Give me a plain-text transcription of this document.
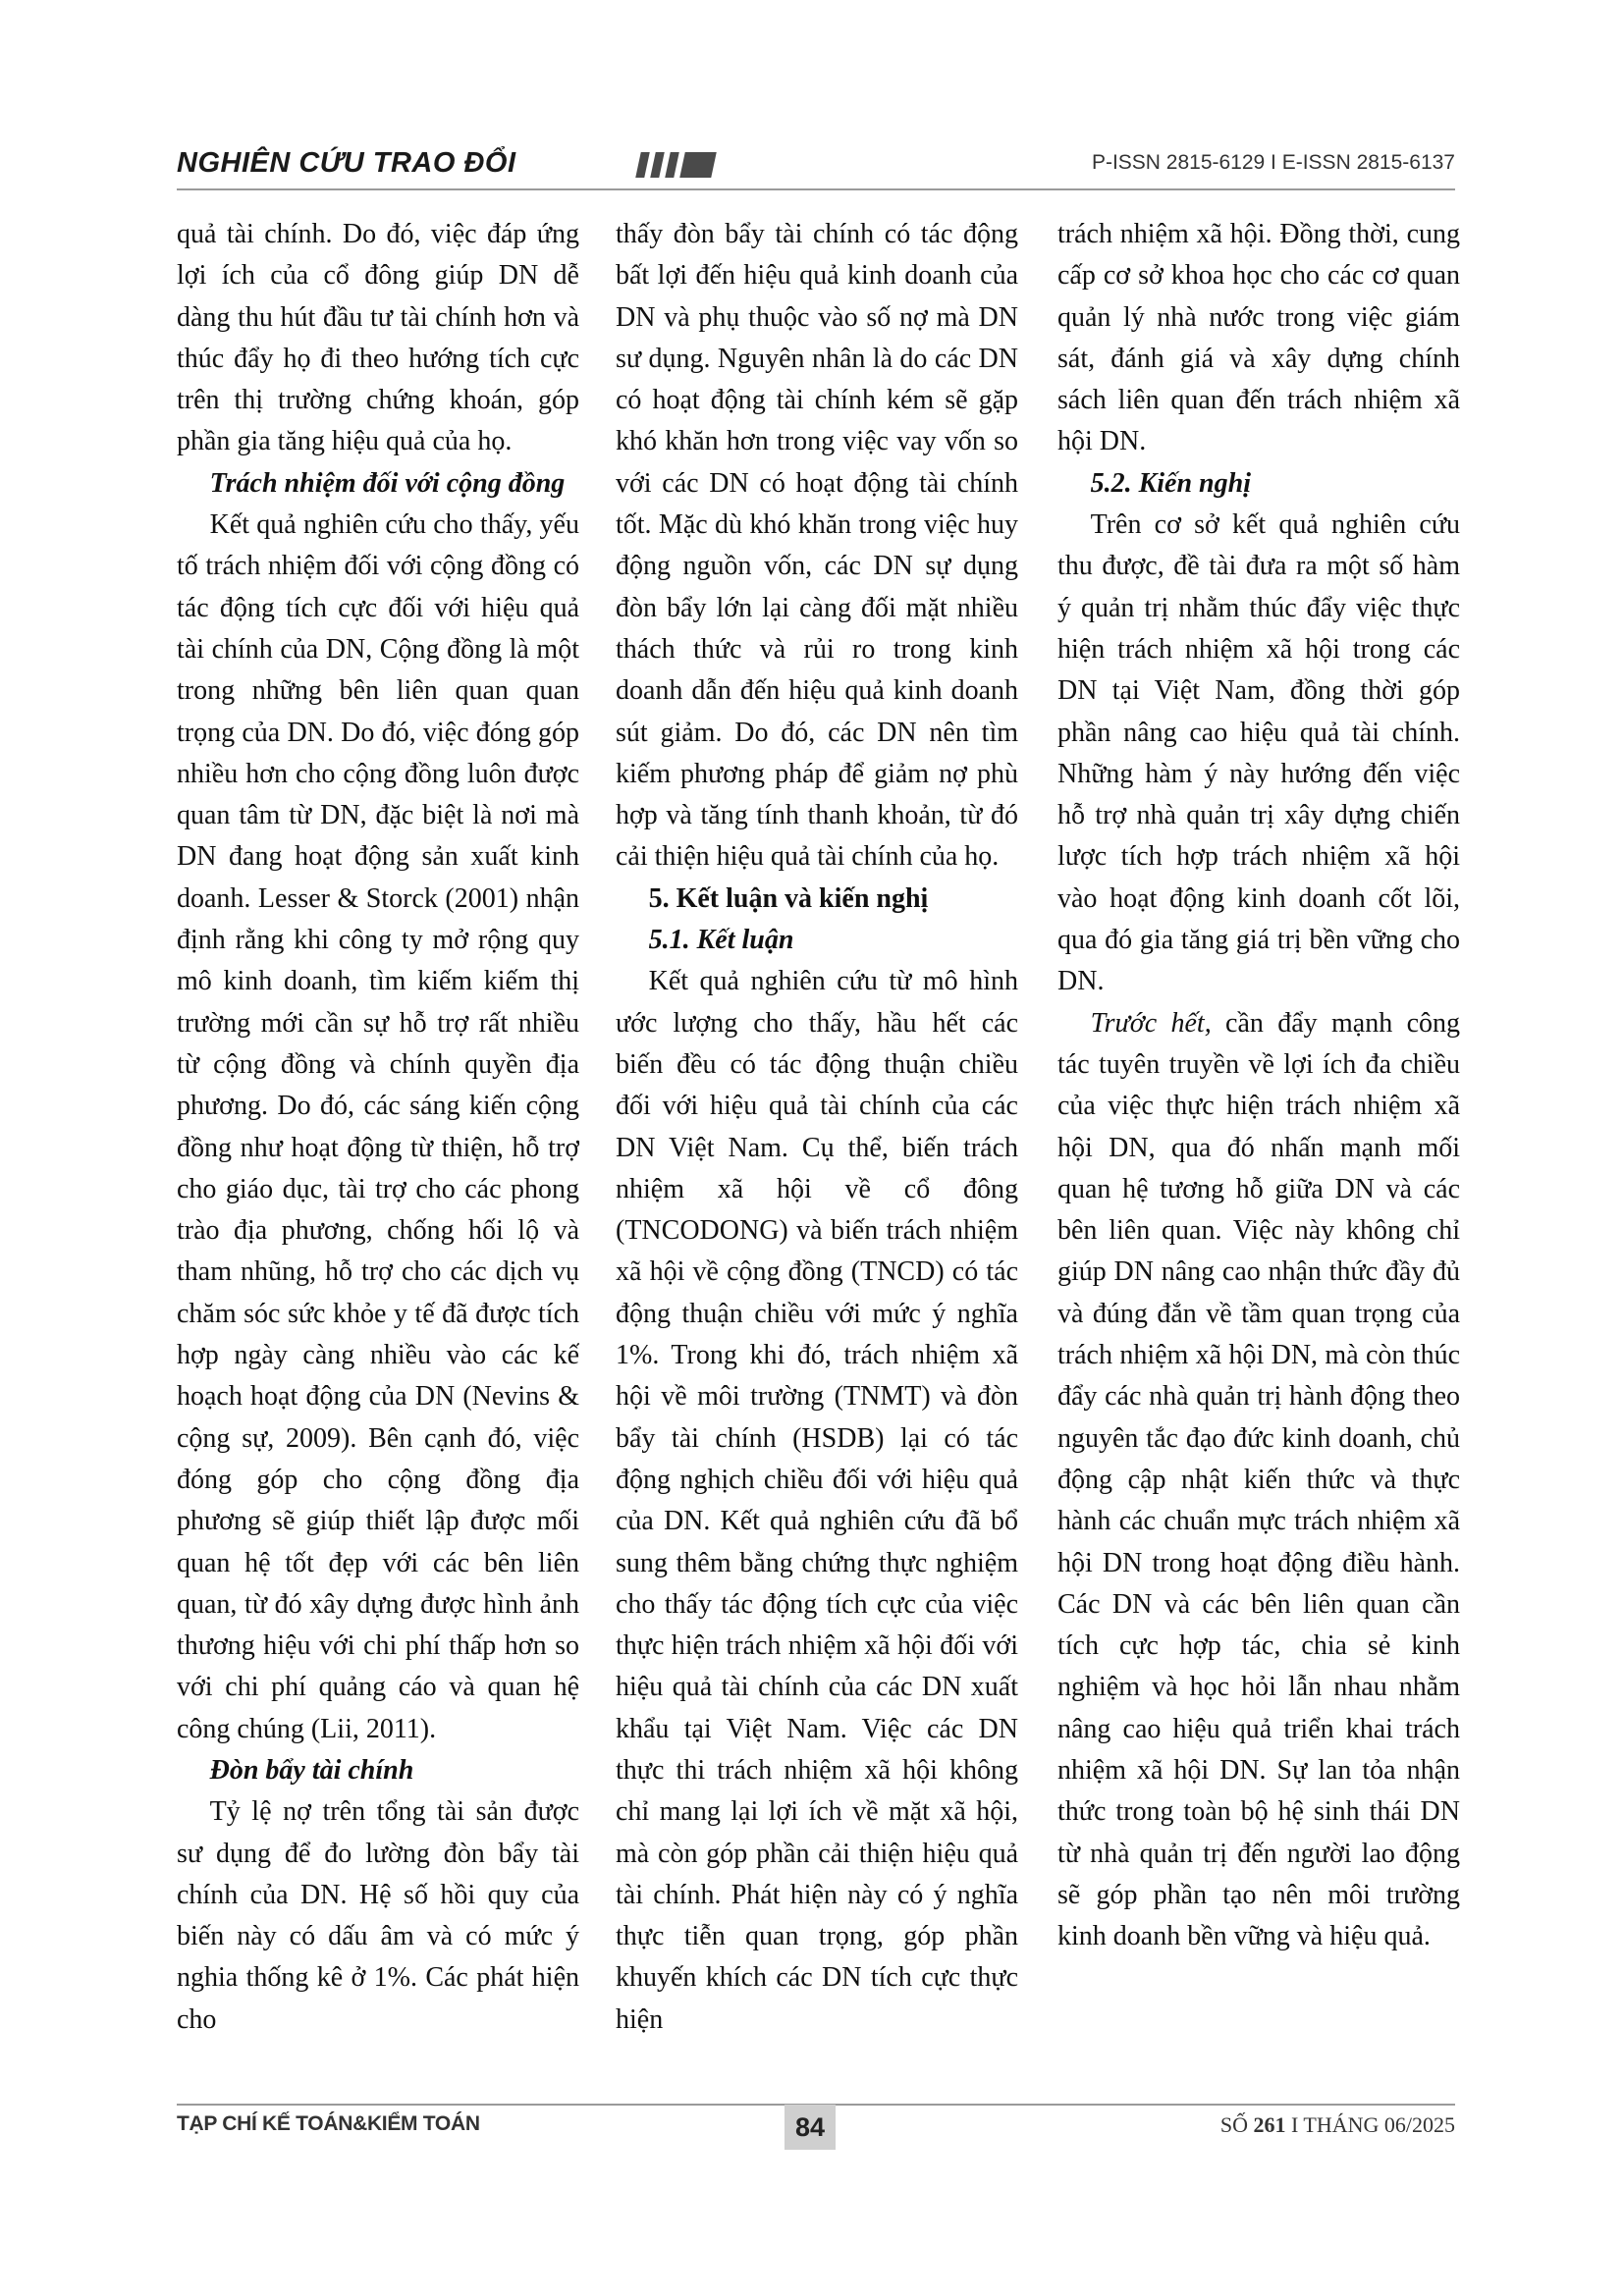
NGHIÊN CỨU TRAO ĐỔI	P-ISSN 2815-6129 I E-ISSN 2815-6137

quả tài chính. Do đó, việc đáp ứng lợi ích của cổ đông giúp DN dễ dàng thu hút đầu tư tài chính hơn và thúc đẩy họ đi theo hướng tích cực trên thị trường chứng khoán, góp phần gia tăng hiệu quả của họ.

Trách nhiệm đối với cộng đồng

Kết quả nghiên cứu cho thấy, yếu tố trách nhiệm đối với cộng đồng có tác động tích cực đối với hiệu quả tài chính của DN, Cộng đồng là một trong những bên liên quan quan trọng của DN. Do đó, việc đóng góp nhiều hơn cho cộng đồng luôn được quan tâm từ DN, đặc biệt là nơi mà DN đang hoạt động sản xuất kinh doanh. Lesser & Storck (2001) nhận định rằng khi công ty mở rộng quy mô kinh doanh, tìm kiếm kiếm thị trường mới cần sự hỗ trợ rất nhiều từ cộng đồng và chính quyền địa phương. Do đó, các sáng kiến cộng đồng như hoạt động từ thiện, hỗ trợ cho giáo dục, tài trợ cho các phong trào địa phương, chống hối lộ và tham nhũng, hỗ trợ cho các dịch vụ chăm sóc sức khỏe y tế đã được tích hợp ngày càng nhiều vào các kế hoạch hoạt động của DN (Nevins & cộng sự, 2009). Bên cạnh đó, việc đóng góp cho cộng đồng địa phương sẽ giúp thiết lập được mối quan hệ tốt đẹp với các bên liên quan, từ đó xây dựng được hình ảnh thương hiệu với chi phí thấp hơn so với chi phí quảng cáo và quan hệ công chúng (Lii, 2011).

Đòn bẩy tài chính

Tỷ lệ nợ trên tổng tài sản được sư dụng để đo lường đòn bẩy tài chính của DN. Hệ số hồi quy của biến này có dấu âm và có mức ý nghia thống kê ở 1%. Các phát hiện cho

thấy đòn bẩy tài chính có tác động bất lợi đến hiệu quả kinh doanh của DN và phụ thuộc vào số nợ mà DN sư dụng. Nguyên nhân là do các DN có hoạt động tài chính kém sẽ gặp khó khăn hơn trong việc vay vốn so với các DN có hoạt động tài chính tốt. Mặc dù khó khăn trong việc huy động nguồn vốn, các DN sự dụng đòn bẩy lớn lại càng đối mặt nhiều thách thức và rủi ro trong kinh doanh dẫn đến hiệu quả kinh doanh sút giảm. Do đó, các DN nên tìm kiếm phương pháp để giảm nợ phù hợp và tăng tính thanh khoản, từ đó cải thiện hiệu quả tài chính của họ.

5. Kết luận và kiến nghị

5.1. Kết luận

Kết quả nghiên cứu từ mô hình ước lượng cho thấy, hầu hết các biến đều có tác động thuận chiều đối với hiệu quả tài chính của các DN Việt Nam. Cụ thể, biến trách nhiệm xã hội về cổ đông (TNCODONG) và biến trách nhiệm xã hội về cộng đồng (TNCD) có tác động thuận chiều với mức ý nghĩa 1%. Trong khi đó, trách nhiệm xã hội về môi trường (TNMT) và đòn bẩy tài chính (HSDB) lại có tác động nghịch chiều đối với hiệu quả của DN. Kết quả nghiên cứu đã bổ sung thêm bằng chứng thực nghiệm cho thấy tác động tích cực của việc thực hiện trách nhiệm xã hội đối với hiệu quả tài chính của các DN xuất khẩu tại Việt Nam. Việc các DN thực thi trách nhiệm xã hội không chỉ mang lại lợi ích về mặt xã hội, mà còn góp phần cải thiện hiệu quả tài chính. Phát hiện này có ý nghĩa thực tiễn quan trọng, góp phần khuyến khích các DN tích cực thực hiện

trách nhiệm xã hội. Đồng thời, cung cấp cơ sở khoa học cho các cơ quan quản lý nhà nước trong việc giám sát, đánh giá và xây dựng chính sách liên quan đến trách nhiệm xã hội DN.

5.2. Kiến nghị

Trên cơ sở kết quả nghiên cứu thu được, đề tài đưa ra một số hàm ý quản trị nhằm thúc đẩy việc thực hiện trách nhiệm xã hội trong các DN tại Việt Nam, đồng thời góp phần nâng cao hiệu quả tài chính. Những hàm ý này hướng đến việc hỗ trợ nhà quản trị xây dựng chiến lược tích hợp trách nhiệm xã hội vào hoạt động kinh doanh cốt lõi, qua đó gia tăng giá trị bền vững cho DN.

Trước hết, cần đẩy mạnh công tác tuyên truyền về lợi ích đa chiều của việc thực hiện trách nhiệm xã hội DN, qua đó nhấn mạnh mối quan hệ tương hỗ giữa DN và các bên liên quan. Việc này không chỉ giúp DN nâng cao nhận thức đầy đủ và đúng đắn về tầm quan trọng của trách nhiệm xã hội DN, mà còn thúc đẩy các nhà quản trị hành động theo nguyên tắc đạo đức kinh doanh, chủ động cập nhật kiến thức và thực hành các chuẩn mực trách nhiệm xã hội DN trong hoạt động điều hành. Các DN và các bên liên quan cần tích cực hợp tác, chia sẻ kinh nghiệm và học hỏi lẫn nhau nhằm nâng cao hiệu quả triển khai trách nhiệm xã hội DN. Sự lan tỏa nhận thức trong toàn bộ hệ sinh thái DN từ nhà quản trị đến người lao động sẽ góp phần tạo nên môi trường kinh doanh bền vững và hiệu quả.

TẠP CHÍ KẾ TOÁN&KIỂM TOÁN	84	SỐ 261 I THÁNG 06/2025
